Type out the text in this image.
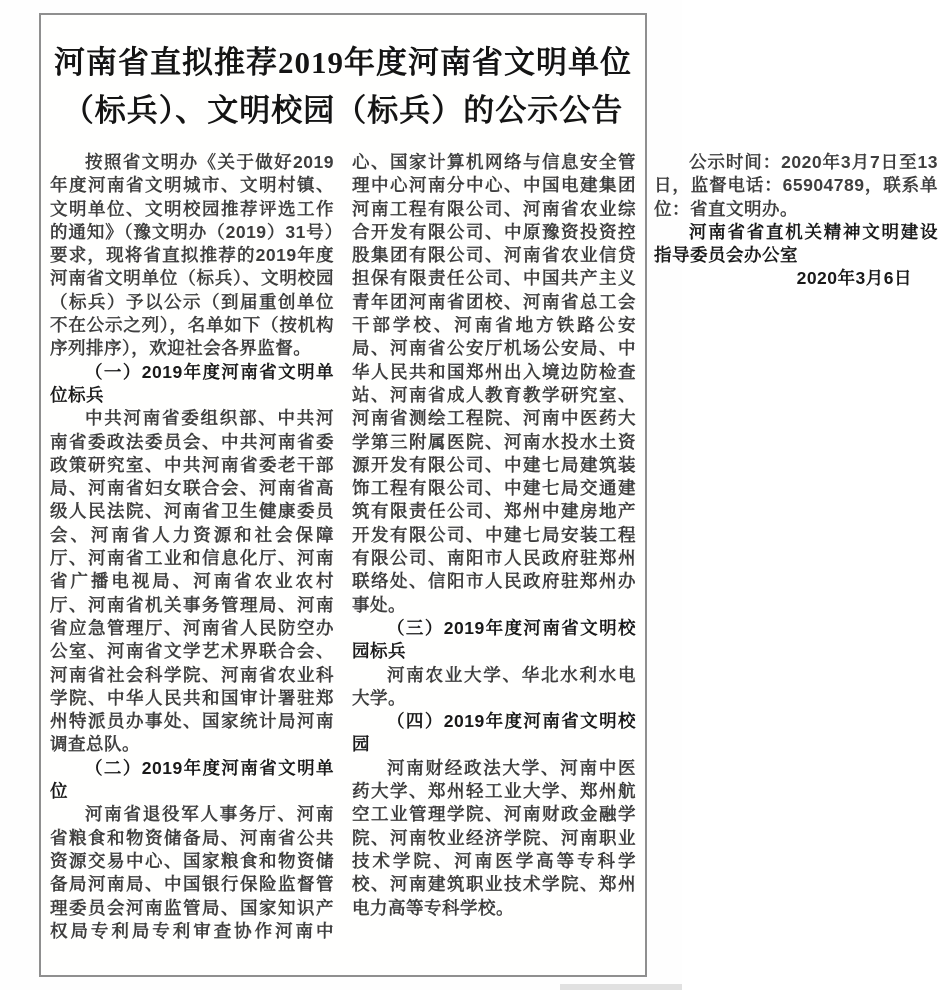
河南省直拟推荐2019年度河南省文明单位
（标兵）、文明校园（标兵）的公示公告

按照省文明办《关于做好2019年度河南省文明城市、文明村镇、文明单位、文明校园推荐评选工作的通知》（豫文明办（2019）31号）要求，现将省直拟推荐的2019年度河南省文明单位（标兵）、文明校园（标兵）予以公示（到届重创单位不在公示之列），名单如下（按机构序列排序），欢迎社会各界监督。

（一）2019年度河南省文明单位标兵

中共河南省委组织部、中共河南省委政法委员会、中共河南省委政策研究室、中共河南省委老干部局、河南省妇女联合会、河南省高级人民法院、河南省卫生健康委员会、河南省人力资源和社会保障厅、河南省工业和信息化厅、河南省广播电视局、河南省农业农村厅、河南省机关事务管理局、河南省应急管理厅、河南省人民防空办公室、河南省文学艺术界联合会、河南省社会科学院、河南省农业科学院、中华人民共和国审计署驻郑州特派员办事处、国家统计局河南调查总队。

（二）2019年度河南省文明单位

河南省退役军人事务厅、河南省粮食和物资储备局、河南省公共资源交易中心、国家粮食和物资储备局河南局、中国银行保险监督管理委员会河南监管局、国家知识产权局专利局专利审查协作河南中心、国家计算机网络与信息安全管理中心河南分中心、中国电建集团河南工程有限公司、河南省农业综合开发有限公司、中原豫资投资控股集团有限公司、河南省农业信贷担保有限责任公司、中国共产主义青年团河南省团校、河南省总工会干部学校、河南省地方铁路公安局、河南省公安厅机场公安局、中华人民共和国郑州出入境边防检查站、河南省成人教育教学研究室、河南省测绘工程院、河南中医药大学第三附属医院、河南水投水土资源开发有限公司、中建七局建筑装饰工程有限公司、中建七局交通建筑有限责任公司、郑州中建房地产开发有限公司、中建七局安装工程有限公司、南阳市人民政府驻郑州联络处、信阳市人民政府驻郑州办事处。

（三）2019年度河南省文明校园标兵

河南农业大学、华北水利水电大学。

（四）2019年度河南省文明校园

河南财经政法大学、河南中医药大学、郑州轻工业大学、郑州航空工业管理学院、河南财政金融学院、河南牧业经济学院、河南职业技术学院、河南医学高等专科学校、河南建筑职业技术学院、郑州电力高等专科学校。

公示时间：2020年3月7日至13日，监督电话：65904789，联系单位：省直文明办。

河南省省直机关精神文明建设指导委员会办公室

2020年3月6日
